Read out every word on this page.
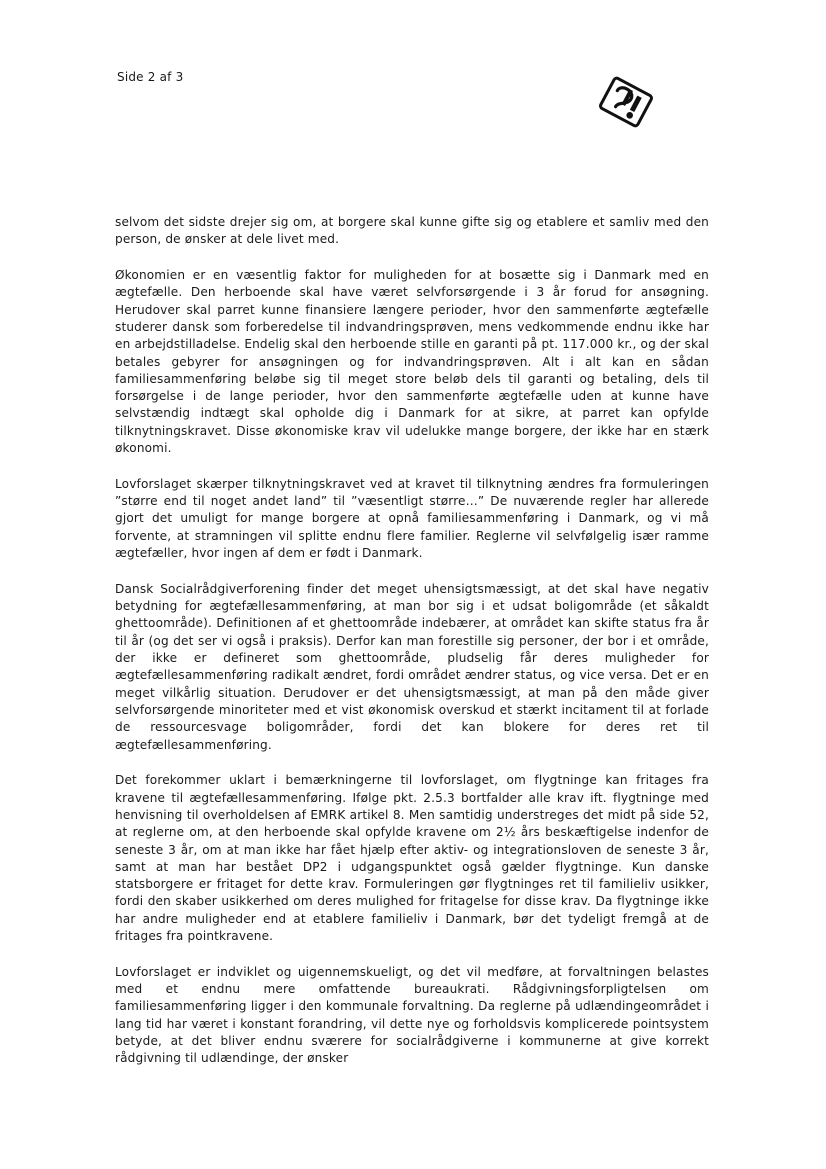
Side 2 af 3

selvom det sidste drejer sig om, at borgere skal kunne gifte sig og etablere et samliv med den person, de ønsker at dele livet med.

Økonomien er en væsentlig faktor for muligheden for at bosætte sig i Danmark med en ægtefælle. Den herboende skal have været selvforsørgende i 3 år forud for ansøgning. Herudover skal parret kunne finansiere længere perioder, hvor den sammenførte ægtefælle studerer dansk som forberedelse til indvandringsprøven, mens vedkommende endnu ikke har en arbejdstilladelse. Endelig skal den herboende stille en garanti på pt. 117.000 kr., og der skal betales gebyrer for ansøgningen og for indvandringsprøven. Alt i alt kan en sådan familiesammenføring beløbe sig til meget store beløb dels til garanti og betaling, dels til forsørgelse i de lange perioder, hvor den sammenførte ægtefælle uden at kunne have selvstændig indtægt skal opholde dig i Danmark for at sikre, at parret kan opfylde tilknytningskravet. Disse økonomiske krav vil udelukke mange borgere, der ikke har en stærk økonomi.

Lovforslaget skærper tilknytningskravet ved at kravet til tilknytning ændres fra formuleringen ”større end til noget andet land” til ”væsentligt større…” De nuværende regler har allerede gjort det umuligt for mange borgere at opnå familiesammenføring i Danmark, og vi må forvente, at stramningen vil splitte endnu flere familier. Reglerne vil selvfølgelig især ramme ægtefæller, hvor ingen af dem er født i Danmark.

Dansk Socialrådgiverforening finder det meget uhensigtsmæssigt, at det skal have negativ betydning for ægtefællesammenføring, at man bor sig i et udsat boligområde (et såkaldt ghettoområde). Definitionen af et ghettoområde indebærer, at området kan skifte status fra år til år (og det ser vi også i praksis). Derfor kan man forestille sig personer, der bor i et område, der ikke er defineret som ghettoområde, pludselig får deres muligheder for ægtefællesammenføring radikalt ændret, fordi området ændrer status, og vice versa. Det er en meget vilkårlig situation. Derudover er det uhensigtsmæssigt, at man på den måde giver selvforsørgende minoriteter med et vist økonomisk overskud et stærkt incitament til at forlade de ressourcesvage boligområder, fordi det kan blokere for deres ret til ægtefællesammenføring.

Det forekommer uklart i bemærkningerne til lovforslaget, om flygtninge kan fritages fra kravene til ægtefællesammenføring. Ifølge pkt. 2.5.3 bortfalder alle krav ift. flygtninge med henvisning til overholdelsen af EMRK artikel 8. Men samtidig understreges det midt på side 52, at reglerne om, at den herboende skal opfylde kravene om 2½ års beskæftigelse indenfor de seneste 3 år, om at man ikke har fået hjælp efter aktiv- og integrationsloven de seneste 3 år, samt at man har bestået DP2 i udgangspunktet også gælder flygtninge. Kun danske statsborgere er fritaget for dette krav. Formuleringen gør flygtninges ret til familieliv usikker, fordi den skaber usikkerhed om deres mulighed for fritagelse for disse krav. Da flygtninge ikke har andre muligheder end at etablere familieliv i Danmark, bør det tydeligt fremgå at de fritages fra pointkravene.

Lovforslaget er indviklet og uigennemskueligt, og det vil medføre, at forvaltningen belastes med et endnu mere omfattende bureaukrati. Rådgivningsforpligtelsen om familiesammenføring ligger i den kommunale forvaltning. Da reglerne på udlændingeområdet i lang tid har været i konstant forandring, vil dette nye og forholdsvis komplicerede pointsystem betyde, at det bliver endnu sværere for socialrådgiverne i kommunerne at give korrekt rådgivning til udlændinge, der ønsker
